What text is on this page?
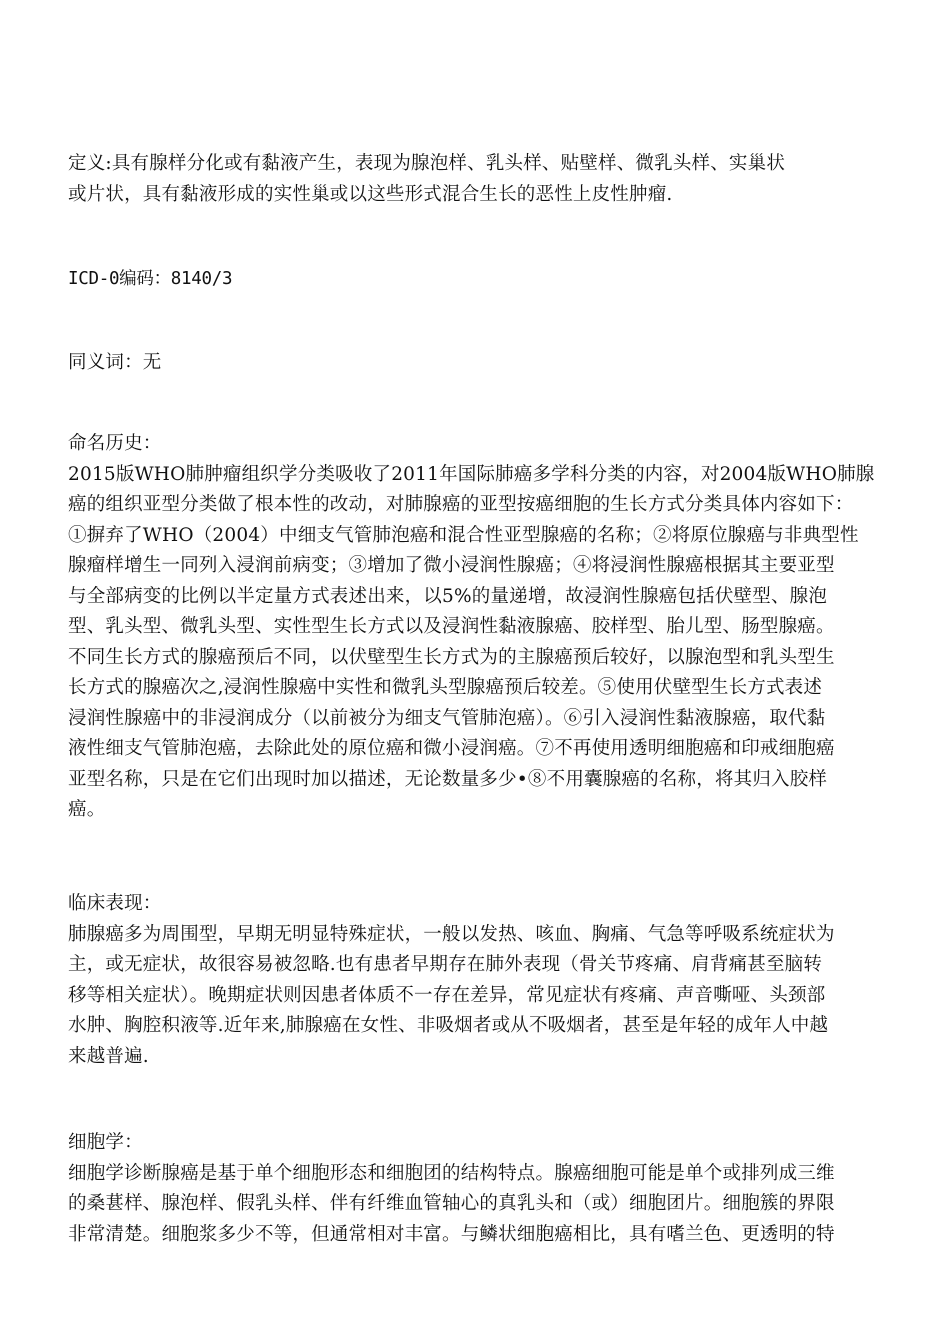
定义:具有腺样分化或有黏液产生，表现为腺泡样、乳头样、贴壁样、微乳头样、实巢状
或片状，具有黏液形成的实性巢或以这些形式混合生长的恶性上皮性肿瘤.
ICD-0编码：8140/3
同义词：无
命名历史：
2015版WHO肺肿瘤组织学分类吸收了2011年国际肺癌多学科分类的内容，对2004版WHO肺腺
癌的组织亚型分类做了根本性的改动，对肺腺癌的亚型按癌细胞的生长方式分类具体内容如下：
①摒弃了WHO（2004）中细支气管肺泡癌和混合性亚型腺癌的名称；②将原位腺癌与非典型性
腺瘤样增生一同列入浸润前病变；③增加了微小浸润性腺癌；④将浸润性腺癌根据其主要亚型
与全部病变的比例以半定量方式表述出来，以5%的量递增，故浸润性腺癌包括伏壁型、腺泡
型、乳头型、微乳头型、实性型生长方式以及浸润性黏液腺癌、胶样型、胎儿型、肠型腺癌。
不同生长方式的腺癌预后不同，以伏壁型生长方式为的主腺癌预后较好，以腺泡型和乳头型生
长方式的腺癌次之,浸润性腺癌中实性和微乳头型腺癌预后较差。⑤使用伏壁型生长方式表述
浸润性腺癌中的非浸润成分（以前被分为细支气管肺泡癌）。⑥引入浸润性黏液腺癌，取代黏
液性细支气管肺泡癌，去除此处的原位癌和微小浸润癌。⑦不再使用透明细胞癌和印戒细胞癌
亚型名称，只是在它们出现时加以描述，无论数量多少•⑧不用囊腺癌的名称，将其归入胶样
癌。
临床表现：
肺腺癌多为周围型，早期无明显特殊症状，一般以发热、咳血、胸痛、气急等呼吸系统症状为
主，或无症状，故很容易被忽略.也有患者早期存在肺外表现（骨关节疼痛、肩背痛甚至脑转
移等相关症状）。晚期症状则因患者体质不一存在差异，常见症状有疼痛、声音嘶哑、头颈部
水肿、胸腔积液等.近年来,肺腺癌在女性、非吸烟者或从不吸烟者，甚至是年轻的成年人中越
来越普遍.
细胞学：
细胞学诊断腺癌是基于单个细胞形态和细胞团的结构特点。腺癌细胞可能是单个或排列成三维
的桑葚样、腺泡样、假乳头样、伴有纤维血管轴心的真乳头和（或）细胞团片。细胞簇的界限
非常清楚。细胞浆多少不等，但通常相对丰富。与鳞状细胞癌相比，具有嗜兰色、更透明的特
